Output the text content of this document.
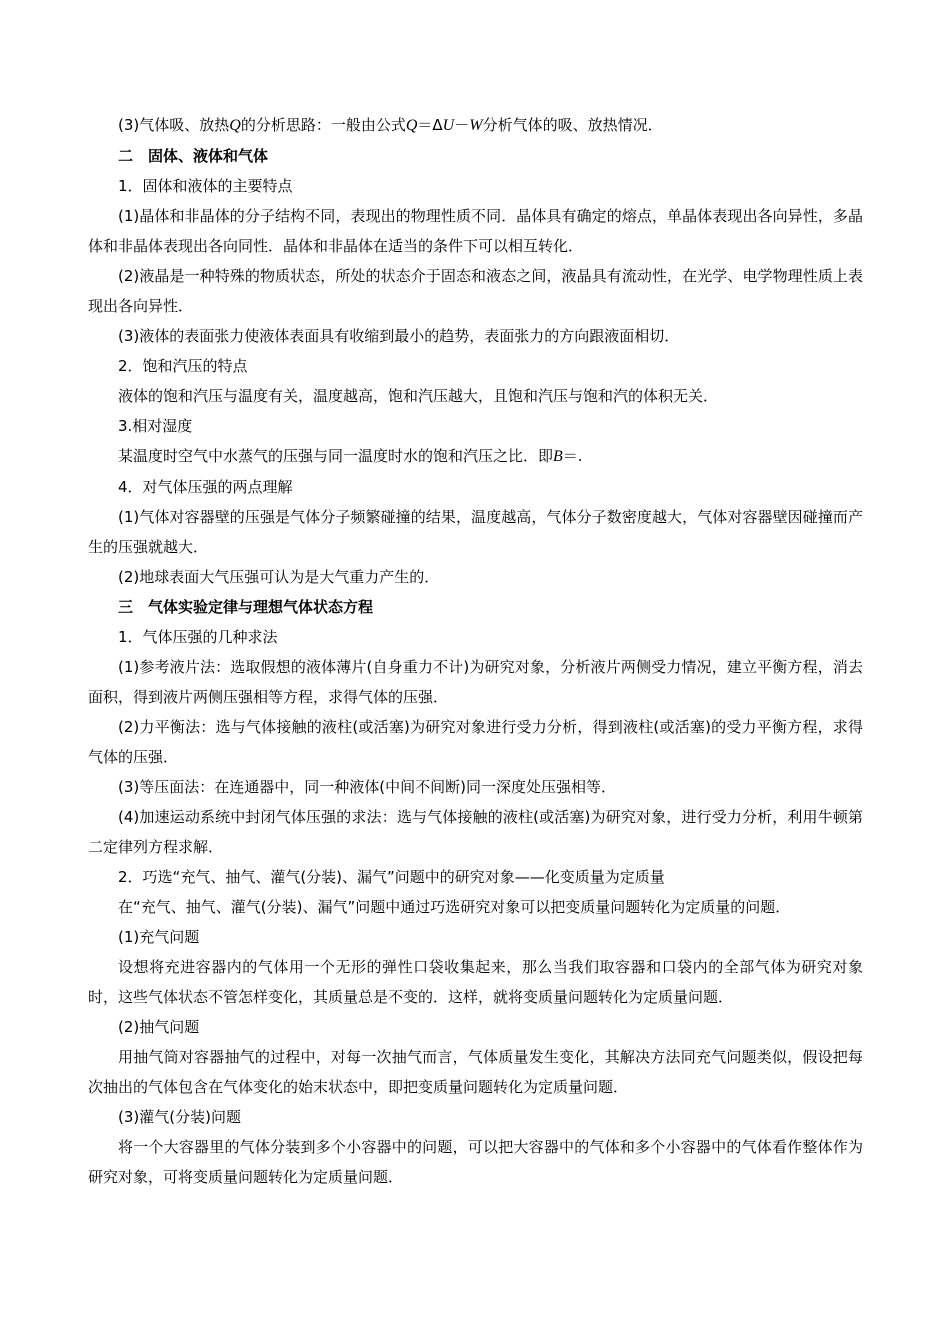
(3)气体吸、放热Q的分析思路：一般由公式Q＝ΔU－W分析气体的吸、放热情况．

二　固体、液体和气体

1．固体和液体的主要特点

(1)晶体和非晶体的分子结构不同，表现出的物理性质不同．晶体具有确定的熔点，单晶体表现出各向异性，多晶体和非晶体表现出各向同性．晶体和非晶体在适当的条件下可以相互转化．

(2)液晶是一种特殊的物质状态，所处的状态介于固态和液态之间，液晶具有流动性，在光学、电学物理性质上表现出各向异性．

(3)液体的表面张力使液体表面具有收缩到最小的趋势，表面张力的方向跟液面相切．

2．饱和汽压的特点

液体的饱和汽压与温度有关，温度越高，饱和汽压越大，且饱和汽压与饱和汽的体积无关．

3.相对湿度

某温度时空气中水蒸气的压强与同一温度时水的饱和汽压之比．即B＝.

4．对气体压强的两点理解

(1)气体对容器壁的压强是气体分子频繁碰撞的结果，温度越高，气体分子数密度越大，气体对容器壁因碰撞而产生的压强就越大．

(2)地球表面大气压强可认为是大气重力产生的．

三　气体实验定律与理想气体状态方程

1．气体压强的几种求法

(1)参考液片法：选取假想的液体薄片(自身重力不计)为研究对象，分析液片两侧受力情况，建立平衡方程，消去面积，得到液片两侧压强相等方程，求得气体的压强．

(2)力平衡法：选与气体接触的液柱(或活塞)为研究对象进行受力分析，得到液柱(或活塞)的受力平衡方程，求得气体的压强．

(3)等压面法：在连通器中，同一种液体(中间不间断)同一深度处压强相等．

(4)加速运动系统中封闭气体压强的求法：选与气体接触的液柱(或活塞)为研究对象，进行受力分析，利用牛顿第二定律列方程求解．

2．巧选“充气、抽气、灌气(分装)、漏气”问题中的研究对象——化变质量为定质量

在“充气、抽气、灌气(分装)、漏气”问题中通过巧选研究对象可以把变质量问题转化为定质量的问题．

(1)充气问题

设想将充进容器内的气体用一个无形的弹性口袋收集起来，那么当我们取容器和口袋内的全部气体为研究对象时，这些气体状态不管怎样变化，其质量总是不变的．这样，就将变质量问题转化为定质量问题．

(2)抽气问题

用抽气筒对容器抽气的过程中，对每一次抽气而言，气体质量发生变化，其解决方法同充气问题类似，假设把每次抽出的气体包含在气体变化的始末状态中，即把变质量问题转化为定质量问题．

(3)灌气(分装)问题

将一个大容器里的气体分装到多个小容器中的问题，可以把大容器中的气体和多个小容器中的气体看作整体作为研究对象，可将变质量问题转化为定质量问题．
